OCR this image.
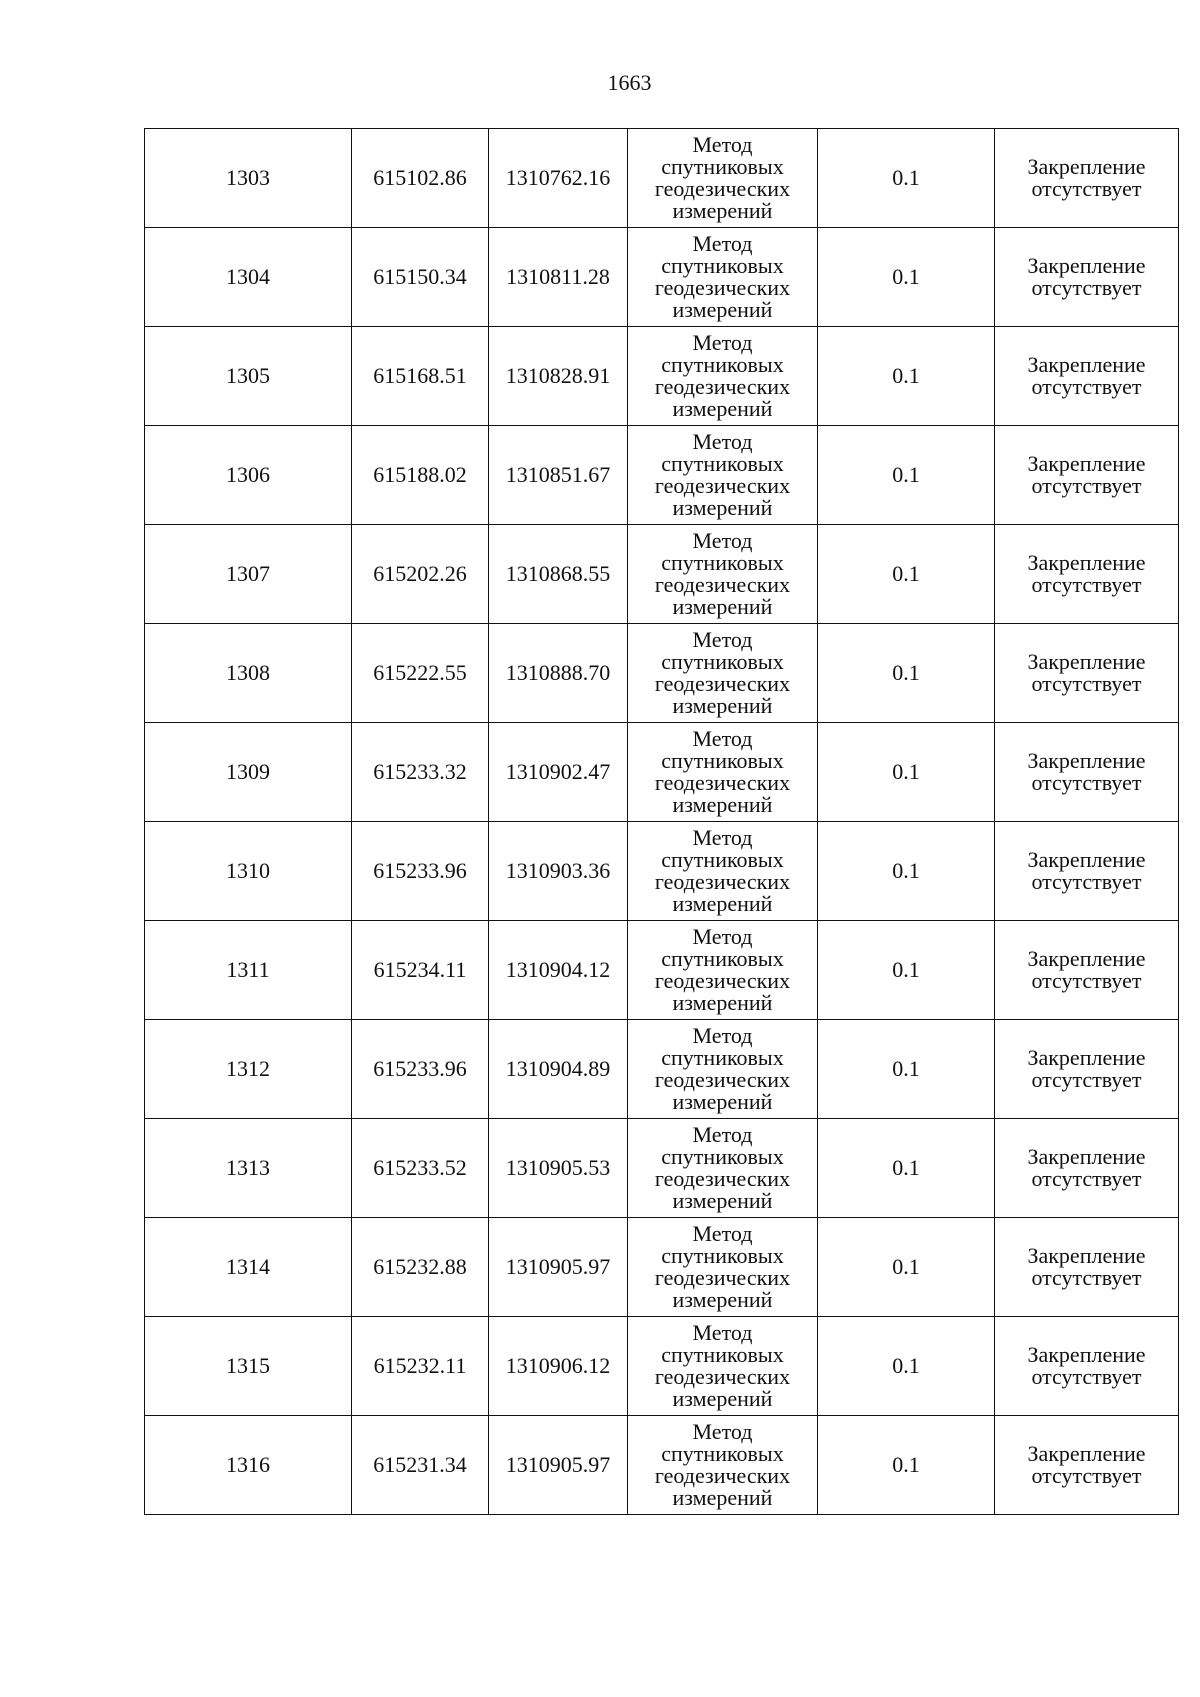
1663
1303	615102.86	1310762.16	Метод
спутниковых
геодезических
измерений	0.1	Закрепление
отсутствует

1304	615150.34	1310811.28	Метод
спутниковых
геодезических
измерений	0.1	Закрепление
отсутствует

1305	615168.51	1310828.91	Метод
спутниковых
геодезических
измерений	0.1	Закрепление
отсутствует

1306	615188.02	1310851.67	Метод
спутниковых
геодезических
измерений	0.1	Закрепление
отсутствует

1307	615202.26	1310868.55	Метод
спутниковых
геодезических
измерений	0.1	Закрепление
отсутствует

1308	615222.55	1310888.70	Метод
спутниковых
геодезических
измерений	0.1	Закрепление
отсутствует

1309	615233.32	1310902.47	Метод
спутниковых
геодезических
измерений	0.1	Закрепление
отсутствует

1310	615233.96	1310903.36	Метод
спутниковых
геодезических
измерений	0.1	Закрепление
отсутствует

1311	615234.11	1310904.12	Метод
спутниковых
геодезических
измерений	0.1	Закрепление
отсутствует

1312	615233.96	1310904.89	Метод
спутниковых
геодезических
измерений	0.1	Закрепление
отсутствует

1313	615233.52	1310905.53	Метод
спутниковых
геодезических
измерений	0.1	Закрепление
отсутствует

1314	615232.88	1310905.97	Метод
спутниковых
геодезических
измерений	0.1	Закрепление
отсутствует

1315	615232.11	1310906.12	Метод
спутниковых
геодезических
измерений	0.1	Закрепление
отсутствует

1316	615231.34	1310905.97	Метод
спутниковых
геодезических
измерений	0.1	Закрепление
отсутствует
